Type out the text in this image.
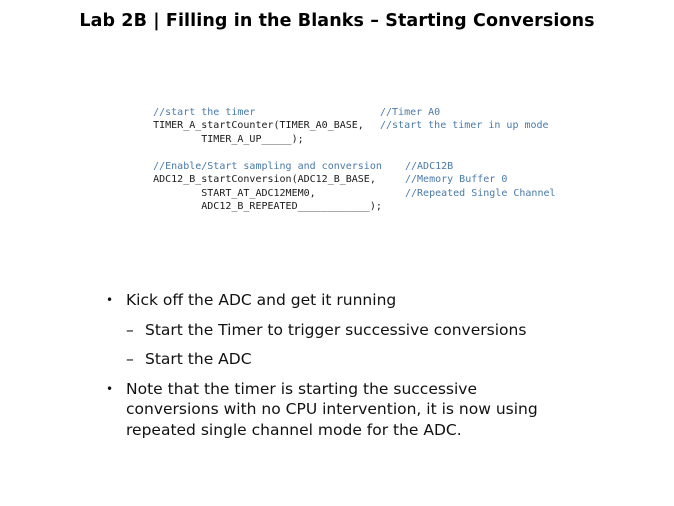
Lab 2B | Filling in the Blanks – Starting Conversions

//start the timer

TIMER_A_startCounter(TIMER_A0_BASE,

//Timer A0

TIMER_A_UP_____);

//start the timer in up mode

//Enable/Start sampling and conversion

ADC12_B_startConversion(ADC12_B_BASE,

//ADC12B

START_AT_ADC12MEM0,

//Memory Buffer 0

ADC12_B_REPEATED____________);

//Repeated Single Channel

• Kick off the ADC and get it running
– Start the Timer to trigger successive conversions
– Start the ADC
• Note that the timer is starting the successive conversions with no CPU intervention, it is now using repeated single channel mode for the ADC.
